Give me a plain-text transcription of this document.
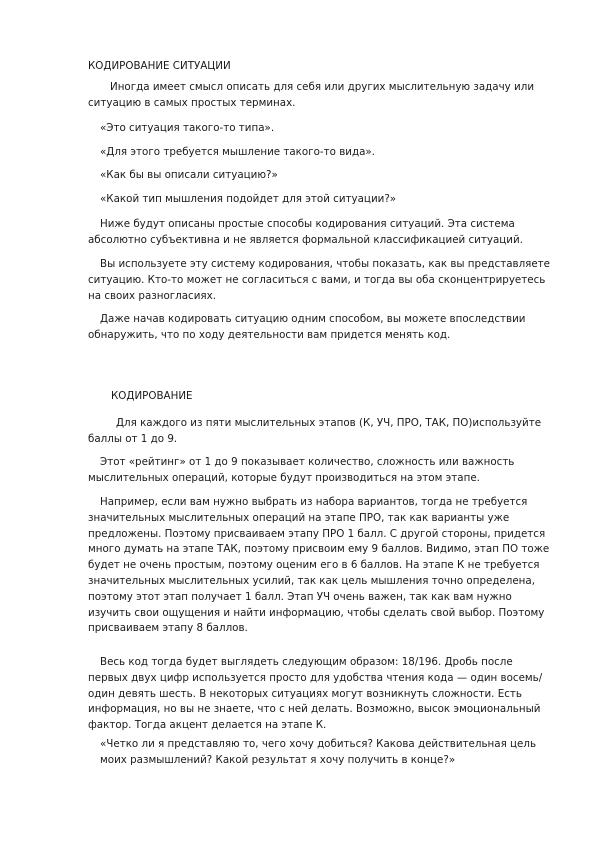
КОДИРОВАНИЕ СИТУАЦИИ

Иногда имеет смысл описать для себя или других мыслительную задачу или ситуацию в самых простых терминах.

«Это ситуация такого-то типа».

«Для этого требуется мышление такого-то вида».

«Как бы вы описали ситуацию?»

«Какой тип мышления подойдет для этой ситуации?»

Ниже будут описаны простые способы кодирования ситуаций. Эта система абсолютно субъективна и не является формальной классификацией ситуаций.

Вы используете эту систему кодирования, чтобы показать, как вы представляете ситуацию. Кто-то может не согласиться с вами, и тогда вы оба сконцентрируетесь на своих разногласиях.

Даже начав кодировать ситуацию одним способом, вы можете впоследствии обнаружить, что по ходу деятельности вам придется менять код.

КОДИРОВАНИЕ

Для каждого из пяти мыслительных этапов (К, УЧ, ПРО, ТАК, ПО)используйте баллы от 1 до 9.

Этот «рейтинг» от 1 до 9 показывает количество, сложность или важность мыслительных операций, которые будут производиться на этом этапе.

Например, если вам нужно выбрать из набора вариантов, тогда не требуется значительных мыслительных операций на этапе ПРО, так как варианты уже предложены. Поэтому присваиваем этапу ПРО 1 балл. С другой стороны, придется много думать на этапе ТАК, поэтому присвоим ему 9 баллов. Видимо, этап ПО тоже будет не очень простым, поэтому оценим его в 6 баллов. На этапе К не требуется значительных мыслительных усилий, так как цель мышления точно определена, поэтому этот этап получает 1 балл. Этап УЧ очень важен, так как вам нужно изучить свои ощущения и найти информацию, чтобы сделать свой выбор. Поэтому присваиваем этапу 8 баллов.

Весь код тогда будет выглядеть следующим образом: 18/196. Дробь после первых двух цифр используется просто для удобства чтения кода — один восемь/один девять шесть. В некоторых ситуациях могут возникнуть сложности. Есть информация, но вы не знаете, что с ней делать. Возможно, высок эмоциональный фактор. Тогда акцент делается на этапе К.

«Четко ли я представляю то, чего хочу добиться? Какова действительная цель моих размышлений? Какой результат я хочу получить в конце?»
